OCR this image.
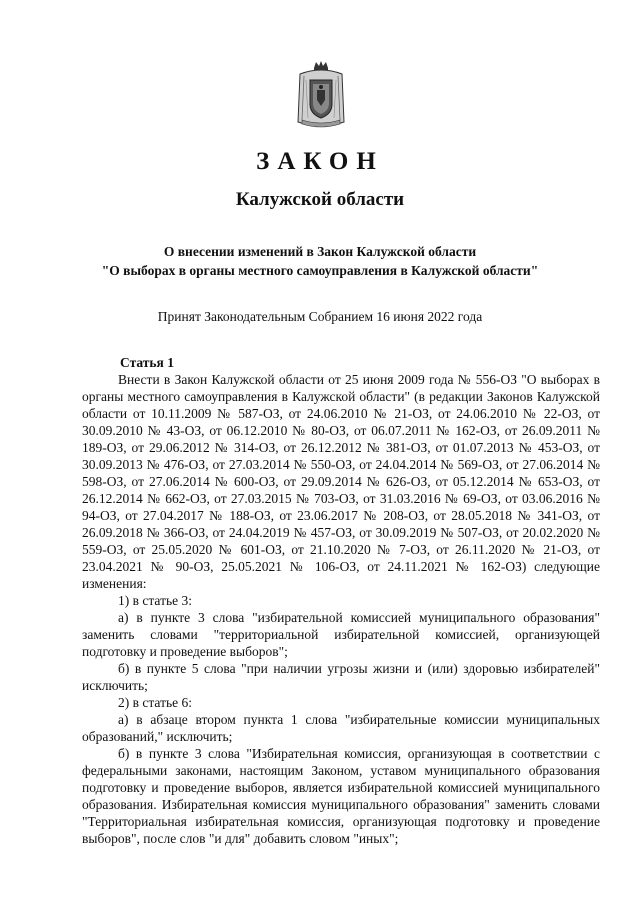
ЗАКОН
Калужской области
О внесении изменений в Закон Калужской области
"О выборах в органы местного самоуправления в Калужской области"
Принят Законодательным Собранием 16 июня 2022 года
Статья 1

Внести в Закон Калужской области от 25 июня 2009 года № 556-ОЗ "О выборах в органы местного самоуправления в Калужской области" (в редакции Законов Калужской области от 10.11.2009 № 587-ОЗ, от 24.06.2010 № 21-ОЗ, от 24.06.2010 № 22-ОЗ, от 30.09.2010 № 43-ОЗ, от 06.12.2010 № 80-ОЗ, от 06.07.2011 № 162-ОЗ, от 26.09.2011 № 189-ОЗ, от 29.06.2012 № 314-ОЗ, от 26.12.2012 № 381-ОЗ, от 01.07.2013 № 453-ОЗ, от 30.09.2013 № 476-ОЗ, от 27.03.2014 № 550-ОЗ, от 24.04.2014 № 569-ОЗ, от 27.06.2014 № 598-ОЗ, от 27.06.2014 № 600-ОЗ, от 29.09.2014 № 626-ОЗ, от 05.12.2014 № 653-ОЗ, от 26.12.2014 № 662-ОЗ, от 27.03.2015 № 703-ОЗ, от 31.03.2016 № 69-ОЗ, от 03.06.2016 № 94-ОЗ, от 27.04.2017 № 188-ОЗ, от 23.06.2017 № 208-ОЗ, от 28.05.2018 № 341-ОЗ, от 26.09.2018 № 366-ОЗ, от 24.04.2019 № 457-ОЗ, от 30.09.2019 № 507-ОЗ, от 20.02.2020 № 559-ОЗ, от 25.05.2020 № 601-ОЗ, от 21.10.2020 № 7-ОЗ, от 26.11.2020 № 21-ОЗ, от 23.04.2021 № 90-ОЗ, 25.05.2021 № 106-ОЗ, от 24.11.2021 № 162-ОЗ) следующие изменения:

1) в статье 3:

а) в пункте 3 слова "избирательной комиссией муниципального образования" заменить словами "территориальной избирательной комиссией, организующей подготовку и проведение выборов";

б) в пункте 5 слова "при наличии угрозы жизни и (или) здоровью избирателей" исключить;

2) в статье 6:

а) в абзаце втором пункта 1 слова "избирательные комиссии муниципальных образований," исключить;

б) в пункте 3 слова "Избирательная комиссия, организующая в соответствии с федеральными законами, настоящим Законом, уставом муниципального образования подготовку и проведение выборов, является избирательной комиссией муниципального образования. Избирательная комиссия муниципального образования" заменить словами "Территориальная избирательная комиссия, организующая подготовку и проведение выборов", после слов "и для" добавить словом "иных";
